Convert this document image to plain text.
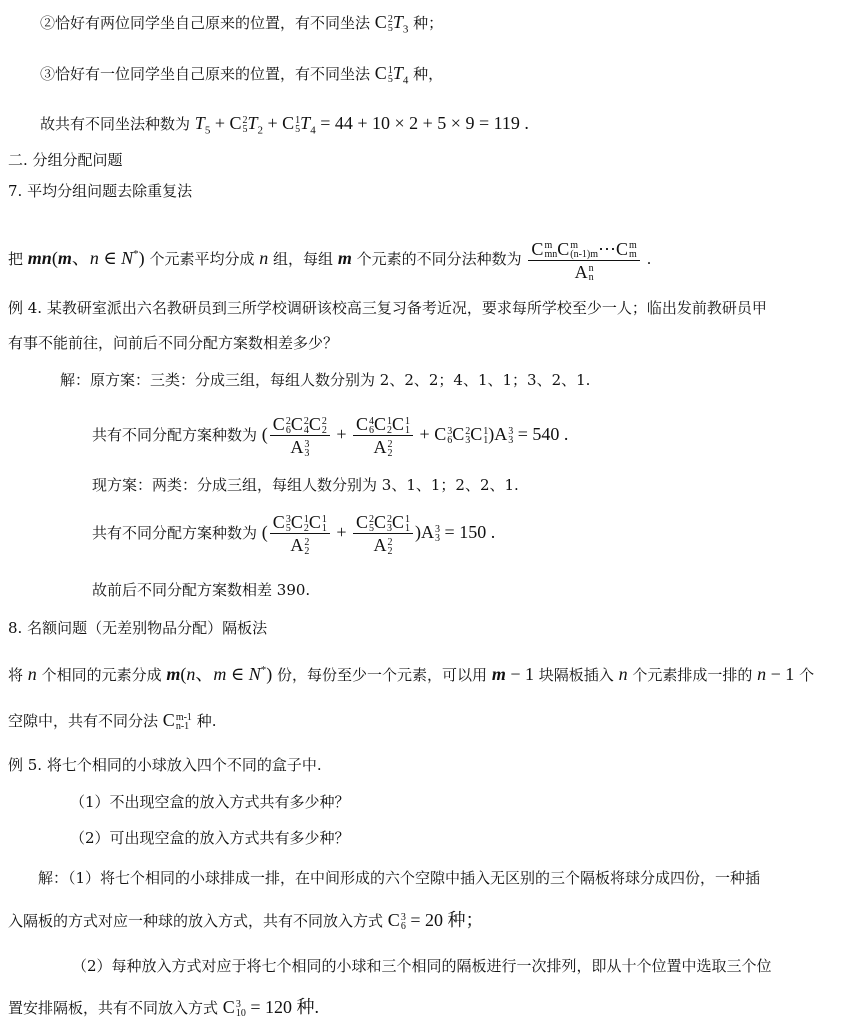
②恰好有两位同学坐自己原来的位置，有不同坐法 C 2
5 $T_3$ 种；
③恰好有一位同学坐自己原来的位置，有不同坐法 C 1
5 $T_4$ 种，
故共有不同坐法种数为 $T_5 + C$ 2
5 $T_2 + C$ 1
5 $T_4 = 44 + 10 \times 2 + 5 \times 9 = 119$ .
二. 分组分配问题
7. 平均分组问题去除重复法
把 mn(m、n ∈ N*) 个元素平均分成 n 组，每组 m 个元素的不同分法种数为 C m
mn C m
(n-1)m ⋯C m
m
A n
n .
例 4. 某教研室派出六名教研员到三所学校调研该校高三复习备考近况，要求每所学校至少一人；临出发前教研员甲
有事不能前往，问前后不同分配方案数相差多少？
解：原方案：三类：分成三组，每组人数分别为 2、2、2；4、1、1；3、2、1.
共有不同分配方案种数为 ( C 2
6 C 2
4 C 2
2
A 3
3 + C 4
6 C 1
2 C 1
1
A 2
2 + C 3
6 C 2
3 C 1
1 )A 3
3 = 540 .
现方案：两类：分成三组，每组人数分别为 3、1、1；2、2、1.
共有不同分配方案种数为 ( C 3
5 C 1
2 C 1
1
A 2
2 + C 2
5 C 2
3 C 1
1
A 2
2 )A 3
3 = 150 .
故前后不同分配方案数相差 390.
8. 名额问题（无差别物品分配）隔板法
将 n 个相同的元素分成 m(n、m ∈ N*) 份，每份至少一个元素，可以用 m − 1 块隔板插入 n 个元素排成一排的 n − 1 个
空隙中，共有不同分法 C m-1
n-1 种.
例 5. 将七个相同的小球放入四个不同的盒子中.
（1）不出现空盒的放入方式共有多少种？
（2）可出现空盒的放入方式共有多少种？
解：（1）将七个相同的小球排成一排，在中间形成的六个空隙中插入无区别的三个隔板将球分成四份，一种插
入隔板的方式对应一种球的放入方式，共有不同放入方式 C 3
6 = 20 种；
（2）每种放入方式对应于将七个相同的小球和三个相同的隔板进行一次排列，即从十个位置中选取三个位
置安排隔板，共有不同放入方式 C 3
10 = 120 种.
